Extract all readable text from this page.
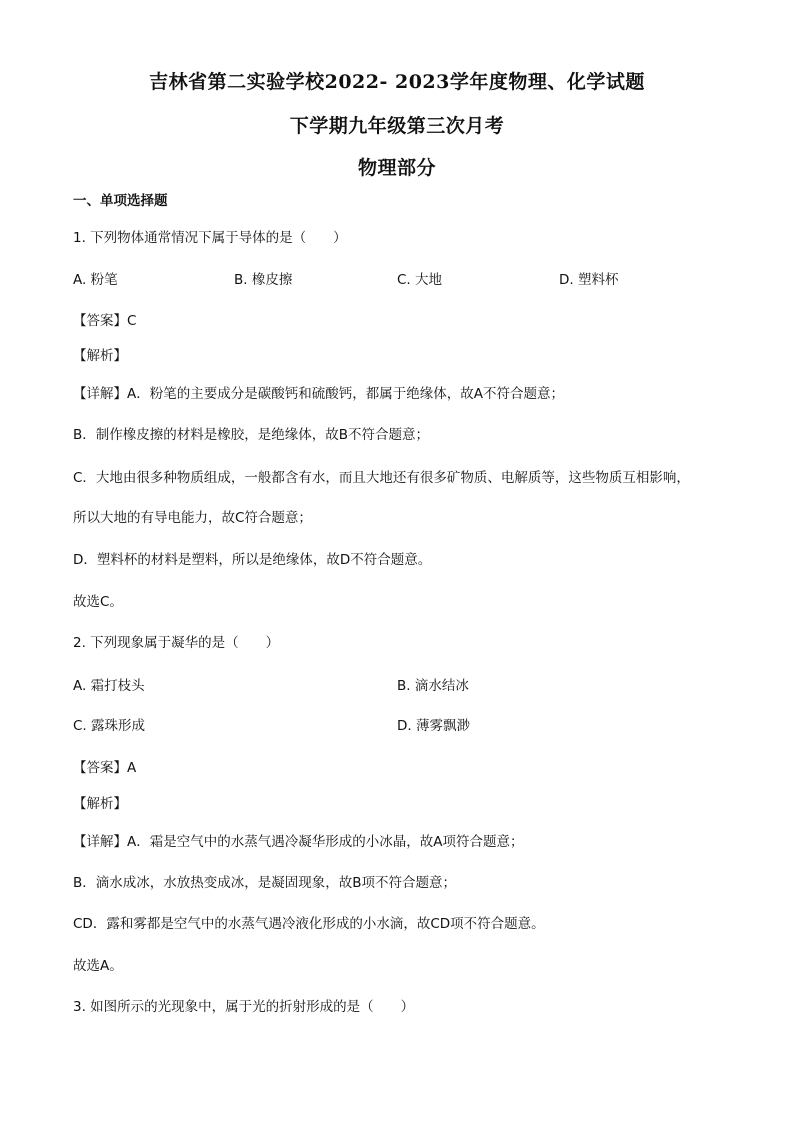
吉林省第二实验学校2022- 2023学年度物理、化学试题
下学期九年级第三次月考
物理部分
一、单项选择题
1. 下列物体通常情况下属于导体的是（　　）
A. 粉笔	B. 橡皮擦	C. 大地	D. 塑料杯
【答案】C
【解析】
【详解】A．粉笔的主要成分是碳酸钙和硫酸钙，都属于绝缘体，故A不符合题意；
B．制作橡皮擦的材料是橡胶，是绝缘体，故B不符合题意；
C．大地由很多种物质组成，一般都含有水，而且大地还有很多矿物质、电解质等，这些物质互相影响，
所以大地的有导电能力，故C符合题意；
D．塑料杯的材料是塑料，所以是绝缘体，故D不符合题意。
故选C。
2. 下列现象属于凝华的是（　　）
A. 霜打枝头	B. 滴水结冰
C. 露珠形成	D. 薄雾飘渺
【答案】A
【解析】
【详解】A．霜是空气中的水蒸气遇冷凝华形成的小冰晶，故A项符合题意；
B．滴水成冰，水放热变成冰，是凝固现象，故B项不符合题意；
CD．露和雾都是空气中的水蒸气遇冷液化形成的小水滴，故CD项不符合题意。
故选A。
3. 如图所示的光现象中，属于光的折射形成的是（　　）
